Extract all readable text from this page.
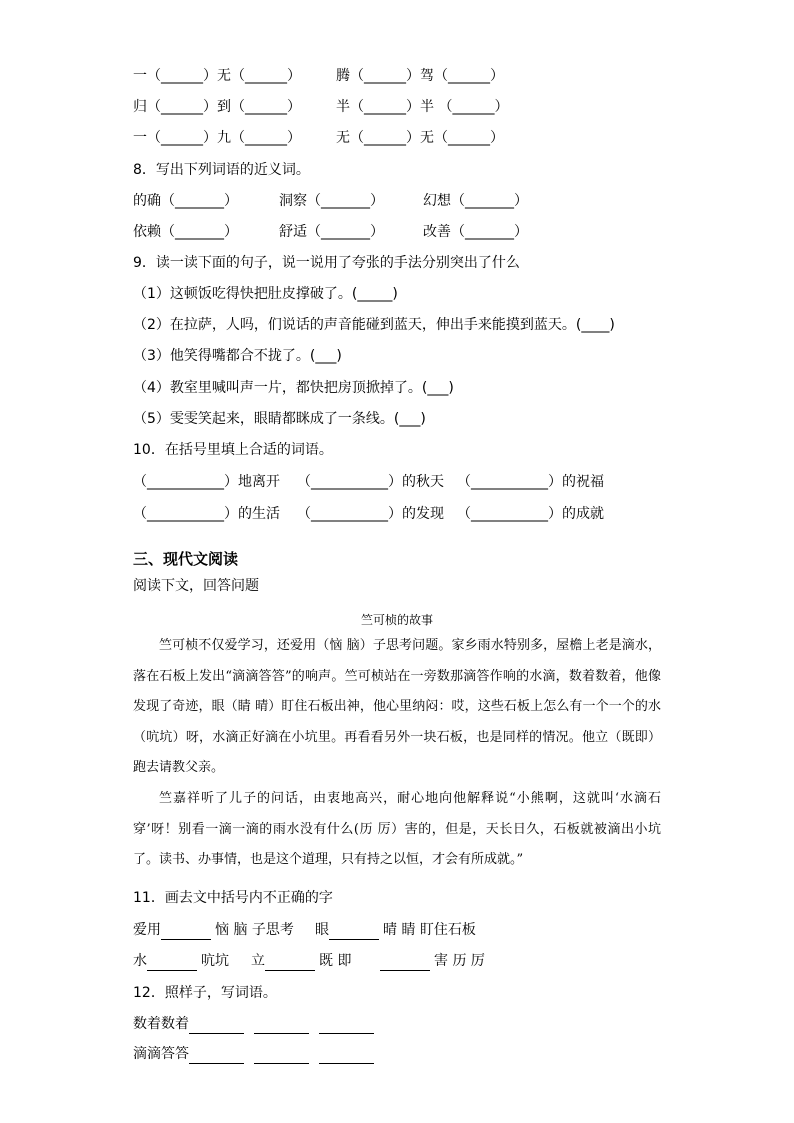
一（______）无（______）	腾（______）驾（______）
归（______）到（______）	半（______）半 （______）
一（______）九（______）	无（______）无（______）
8．写出下列词语的近义词。
的确（_______）	洞察（_______）	幻想（_______）
依赖（_______）	舒适（_______）	改善（_______）
9．读一读下面的句子，说一说用了夸张的手法分别突出了什么
（1）这顿饭吃得快把肚皮撑破了。(_____)
（2）在拉萨，人吗，们说话的声音能碰到蓝天，伸出手来能摸到蓝天。(____)
（3）他笑得嘴都合不拢了。(___)
（4）教室里喊叫声一片，都快把房顶掀掉了。(___)
（5）雯雯笑起来，眼睛都眯成了一条线。(___)
10．在括号里填上合适的词语。
（___________）地离开 （___________）的秋天 （___________）的祝福
（___________）的生活 （___________）的发现 （___________）的成就
三、现代文阅读
阅读下文，回答问题
竺可桢的故事
竺可桢不仅爱学习，还爱用（恼 脑）子思考问题。家乡雨水特别多，屋檐上老是滴水，落在石板上发出“滴滴答答”的响声。竺可桢站在一旁数那滴答作响的水滴，数着数着，他像发现了奇迹，眼（睛 晴）盯住石板出神，他心里纳闷：哎，这些石板上怎么有一个一个的水（吭坑）呀，水滴正好滴在小坑里。再看看另外一块石板，也是同样的情况。他立（既即）跑去请教父亲。
竺嘉祥听了儿子的问话，由衷地高兴，耐心地向他解释说“小熊啊，这就叫‘水滴石穿’呀！别看一滴一滴的雨水没有什么(历 厉）害的，但是，天长日久，石板就被滴出小坑了。读书、办事情，也是这个道理，只有持之以恒，才会有所成就。”
11．画去文中括号内不正确的字
爱用	恼 脑 子思考 眼	晴 睛 盯住石板
水	吭坑 立	既 即	害 历 厉
12．照样子，写词语。
数着数着
滴滴答答
